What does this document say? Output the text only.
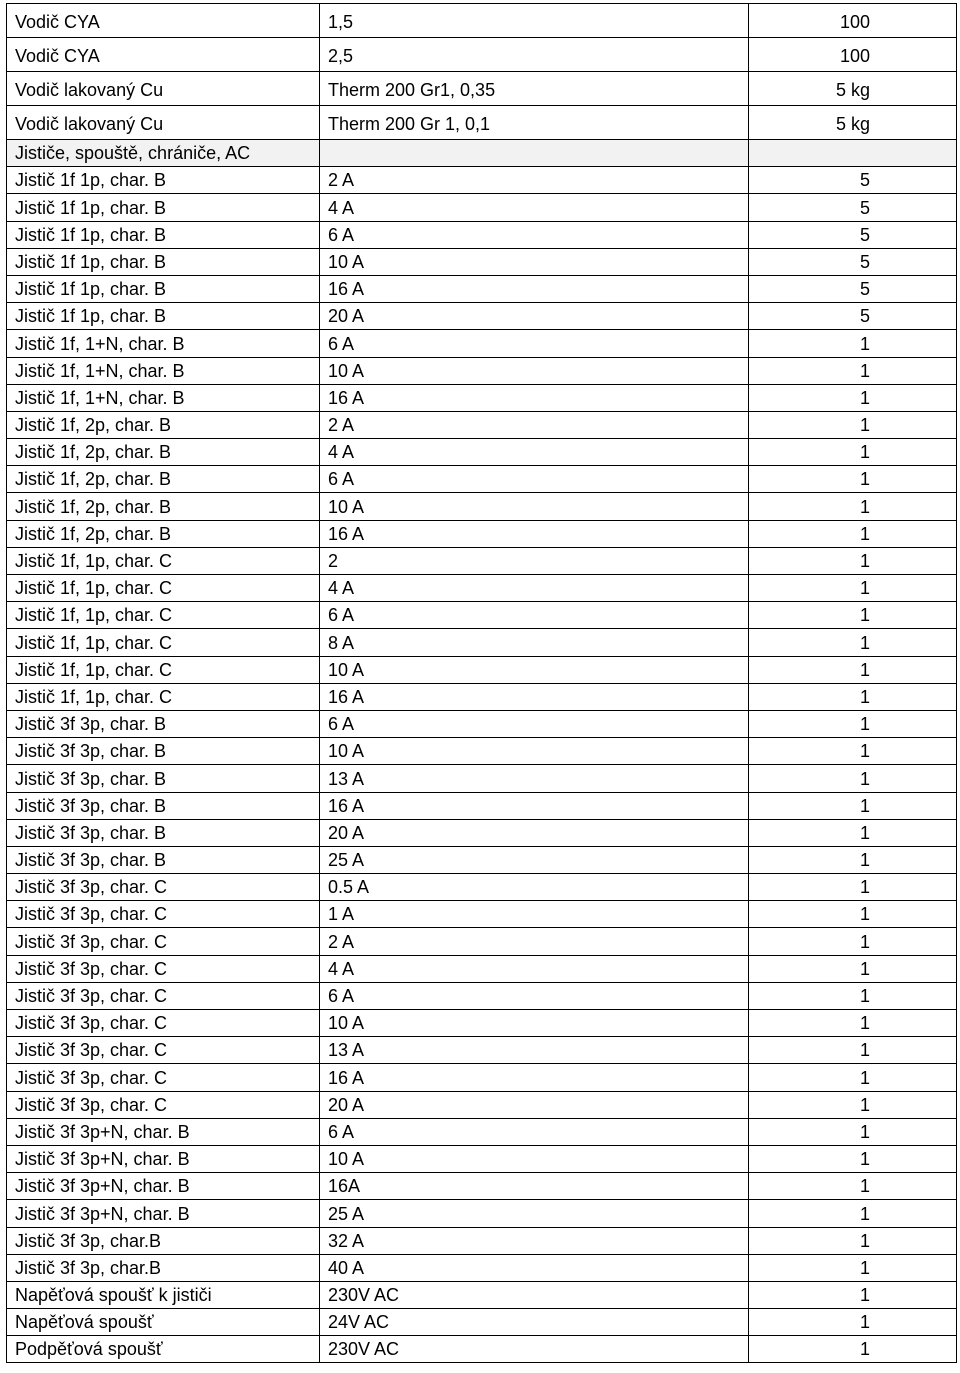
Vodič CYA	1,5	100
Vodič CYA	2,5	100
Vodič lakovaný Cu	Therm 200 Gr1, 0,35	5 kg
Vodič lakovaný Cu	Therm 200 Gr 1, 0,1	5 kg
Jističe, spouště, chrániče, AC		
Jistič 1f 1p, char. B	2 A	5
Jistič 1f 1p, char. B	4 A	5
Jistič 1f 1p, char. B	6 A	5
Jistič 1f 1p, char. B	10 A	5
Jistič 1f 1p, char. B	16 A	5
Jistič 1f 1p, char. B	20 A	5
Jistič 1f, 1+N, char. B	6 A	1
Jistič 1f, 1+N, char. B	10 A	1
Jistič 1f, 1+N, char. B	16 A	1
Jistič 1f, 2p, char. B	2 A	1
Jistič 1f, 2p, char. B	4 A	1
Jistič 1f, 2p, char. B	6 A	1
Jistič 1f, 2p, char. B	10 A	1
Jistič 1f, 2p, char. B	16 A	1
Jistič 1f, 1p, char. C	2	1
Jistič 1f, 1p, char. C	4 A	1
Jistič 1f, 1p, char. C	6 A	1
Jistič 1f, 1p, char. C	8 A	1
Jistič 1f, 1p, char. C	10 A	1
Jistič 1f, 1p, char. C	16 A	1
Jistič 3f 3p, char. B	6 A	1
Jistič 3f 3p, char. B	10 A	1
Jistič 3f 3p, char. B	13 A	1
Jistič 3f 3p, char. B	16 A	1
Jistič 3f 3p, char. B	20 A	1
Jistič 3f 3p, char. B	25 A	1
Jistič 3f 3p, char. C	0.5 A	1
Jistič 3f 3p, char. C	1 A	1
Jistič 3f 3p, char. C	2 A	1
Jistič 3f 3p, char. C	4 A	1
Jistič 3f 3p, char. C	6 A	1
Jistič 3f 3p, char. C	10 A	1
Jistič 3f 3p, char. C	13 A	1
Jistič 3f 3p, char. C	16 A	1
Jistič 3f 3p, char. C	20 A	1
Jistič 3f 3p+N, char. B	6 A	1
Jistič 3f 3p+N, char. B	10 A	1
Jistič 3f 3p+N, char. B	16A	1
Jistič 3f 3p+N, char. B	25 A	1
Jistič 3f 3p, char.B	32 A	1
Jistič 3f 3p, char.B	40 A	1
Napěťová spoušť k jističi	230V AC	1
Napěťová spoušť	24V AC	1
Podpěťová spoušť	230V AC	1
